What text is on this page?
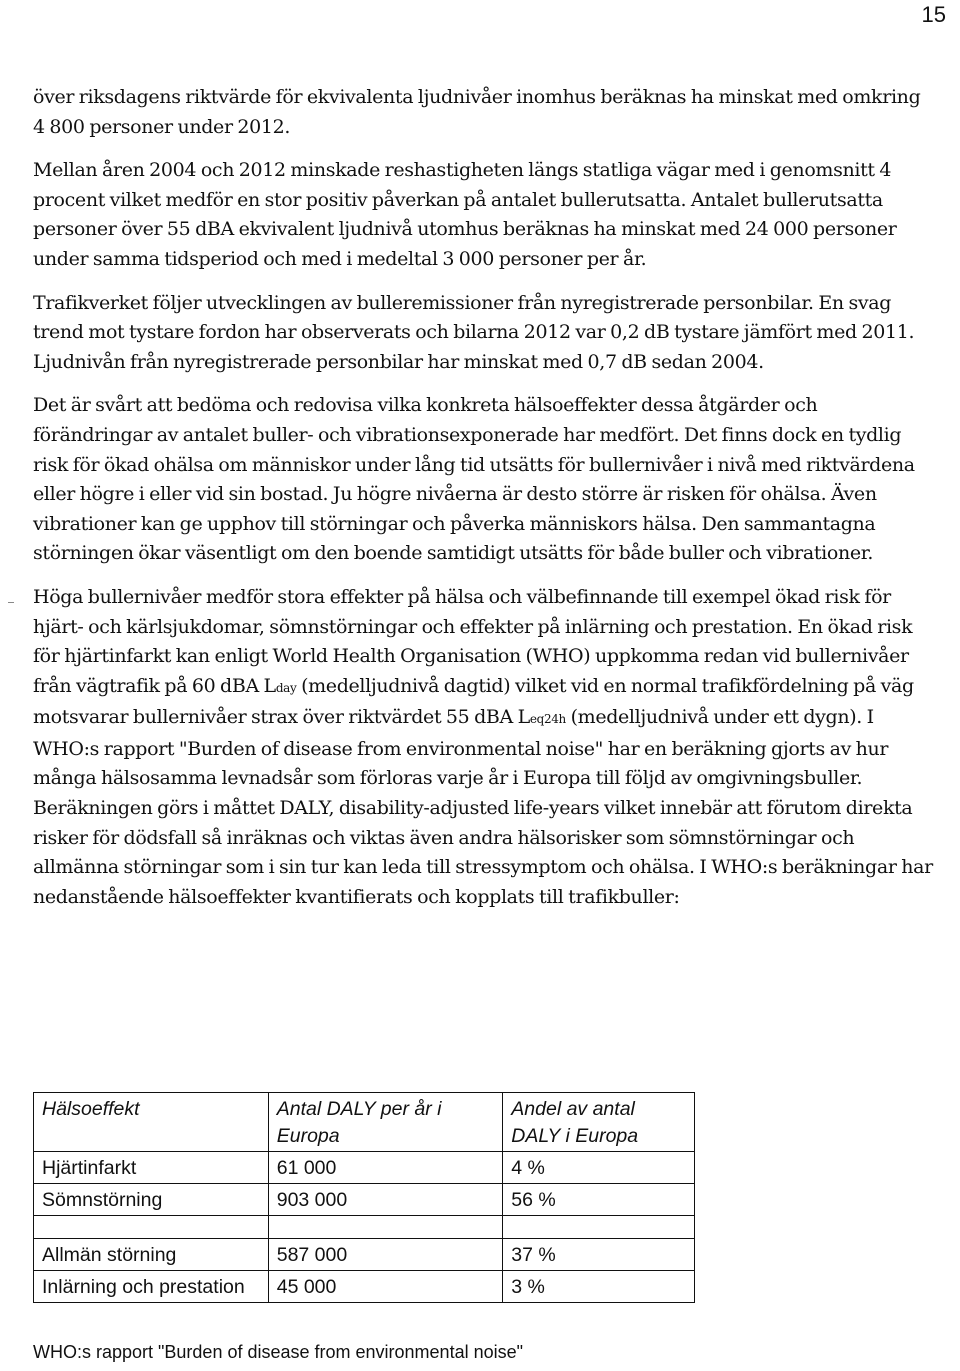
15

över riksdagens riktvärde för ekvivalenta ljudnivåer inomhus beräknas ha minskat med omkring 4 800 personer under 2012.

Mellan åren 2004 och 2012 minskade reshastigheten längs statliga vägar med i genomsnitt 4 procent vilket medför en stor positiv påverkan på antalet bullerutsatta. Antalet bullerutsatta personer över 55 dBA ekvivalent ljudnivå utomhus beräknas ha minskat med 24 000 personer under samma tidsperiod och med i medeltal 3 000 personer per år.

Trafikverket följer utvecklingen av bulleremissioner från nyregistrerade personbilar. En svag trend mot tystare fordon har observerats och bilarna 2012 var 0,2 dB tystare jämfört med 2011. Ljudnivån från nyregistrerade personbilar har minskat med 0,7 dB sedan 2004.

Det är svårt att bedöma och redovisa vilka konkreta hälsoeffekter dessa åtgärder och förändringar av antalet buller- och vibrationsexponerade har medfört. Det finns dock en tydlig risk för ökad ohälsa om människor under lång tid utsätts för bullernivåer i nivå med riktvärdena eller högre i eller vid sin bostad. Ju högre nivåerna är desto större är risken för ohälsa. Även vibrationer kan ge upphov till störningar och påverka människors hälsa. Den sammantagna störningen ökar väsentligt om den boende samtidigt utsätts för både buller och vibrationer.

Höga bullernivåer medför stora effekter på hälsa och välbefinnande till exempel ökad risk för hjärt- och kärlsjukdomar, sömnstörningar och effekter på inlärning och prestation. En ökad risk för hjärtinfarkt kan enligt World Health Organisation (WHO) uppkomma redan vid bullernivåer från vägtrafik på 60 dBA Lday (medelljudnivå dagtid) vilket vid en normal trafikfördelning på väg motsvarar bullernivåer strax över riktvärdet 55 dBA Leq24h (medelljudnivå under ett dygn). I WHO:s rapport "Burden of disease from environmental noise" har en beräkning gjorts av hur många hälsosamma levnadsår som förloras varje år i Europa till följd av omgivningsbuller. Beräkningen görs i måttet DALY, disability-adjusted life-years vilket innebär att förutom direkta risker för dödsfall så inräknas och viktas även andra hälsorisker som sömnstörningar och allmänna störningar som i sin tur kan leda till stressymptom och ohälsa. I WHO:s beräkningar har nedanstående hälsoeffekter kvantifierats och kopplats till trafikbuller:

Hälsoeffekt	Antal DALY per år i Europa	Andel av antal DALY i Europa
Hjärtinfarkt	61 000	4 %
Sömnstörning	903 000	56 %

Allmän störning	587 000	37 %
Inlärning och prestation	45 000	3 %
WHO:s rapport "Burden of disease from environmental noise"
